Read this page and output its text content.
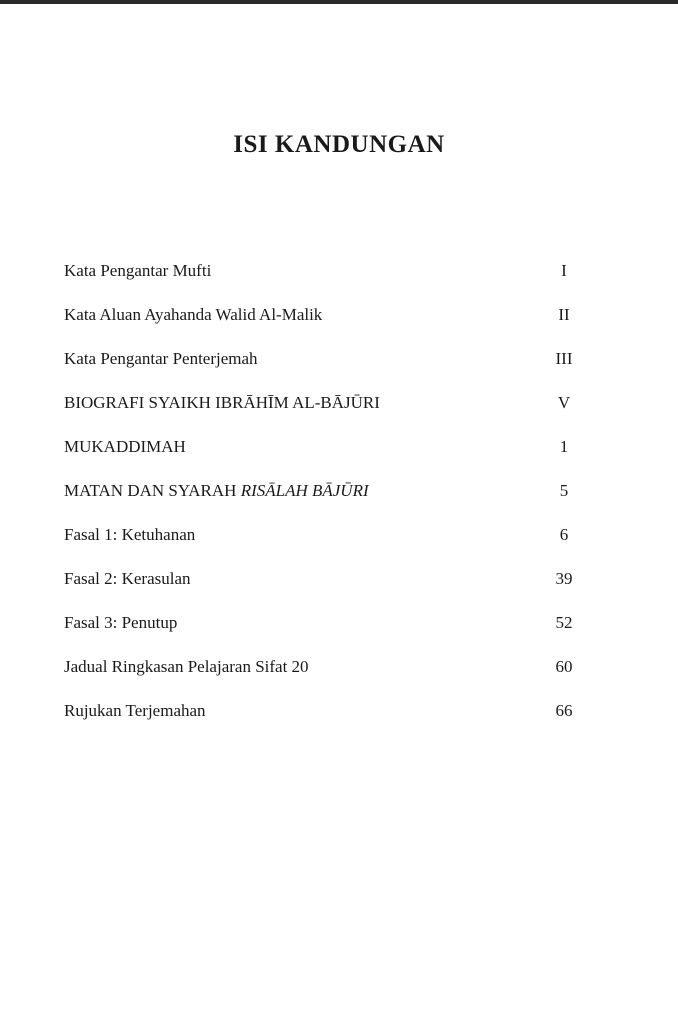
ISI KANDUNGAN
Kata Pengantar Mufti	I
Kata Aluan Ayahanda Walid Al-Malik	II
Kata Pengantar Penterjemah	III
BIOGRAFI SYAIKH IBRĀHĪM AL-BĀJŪRI	V
MUKADDIMAH	1
MATAN DAN SYARAH RISĀLAH BĀJŪRI	5
Fasal 1: Ketuhanan	6
Fasal 2: Kerasulan	39
Fasal 3: Penutup	52
Jadual Ringkasan Pelajaran Sifat 20	60
Rujukan Terjemahan	66
